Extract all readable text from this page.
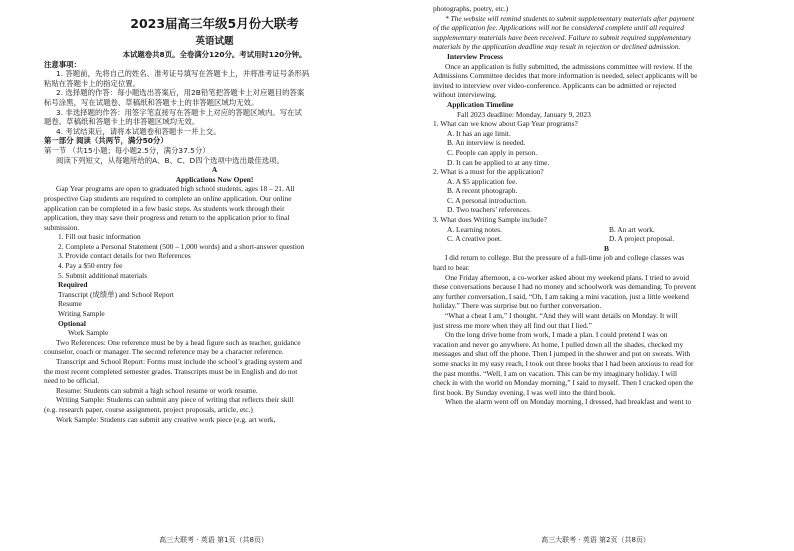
2023届高三年级5月份大联考
英语试题
本试题卷共8页。全卷满分120分。考试用时120分钟。
注意事项：
1. 答题前，先将自己的姓名、准考证号填写在答题卡上，并将准考证号条形码
粘贴在答题卡上的指定位置。
2. 选择题的作答：每小题选出答案后，用2B铅笔把答题卡上对应题目的答案
标号涂黑，写在试题卷、草稿纸和答题卡上的非答题区域均无效。
3. 非选择题的作答：用签字笔直接写在答题卡上对应的答题区域内。写在试
题卷、草稿纸和答题卡上的非答题区域均无效。
4. 考试结束后，请将本试题卷和答题卡一并上交。
第一部分 阅读（共两节，满分50分）
第一节 （共15小题；每小题2.5分，满分37.5分）
阅读下列短文，从每题所给的A、B、C、D四个选项中选出最佳选项。
A
Applications Now Open!
Gap Year programs are open to graduated high school students, ages 18 – 21. All
prospective Gap students are required to complete an online application. Our online
application can be completed in a few basic steps. As students work through their
application, they may save their progress and return to the application prior to final
submission.
1. Fill out basic information
2. Complete a Personal Statement (500 – 1,000 words) and a short-answer question
3. Provide contact details for two References
4. Pay a $50 entry fee
5. Submit additional materials
Required
Transcript (成绩单) and School Report
Resume
Writing Sample
Optional
Work Sample
Two References: One reference must be by a head figure such as teacher, guidance
counselor, coach or manager. The second reference may be a character reference.
Transcript and School Report: Forms must include the school’s grading system and
the most recent completed semester grades. Transcripts must be in English and do not
need to be official.
Resume: Students can submit a high school resume or work resume.
Writing Sample: Students can submit any piece of writing that reflects their skill
(e.g. research paper, course assignment, project proposals, article, etc.)
Work Sample: Students can submit any creative work piece (e.g. art work,
高三大联考 · 英语 第1页（共8页）
photographs, poetry, etc.)
* The website will remind students to submit supplementary materials after payment
of the application fee. Applications will not be considered complete until all required
supplementary materials have been received. Failure to submit required supplementary
materials by the application deadline may result in rejection or declined admission.
Interview Process
Once an application is fully submitted, the admissions committee will review. If the
Admissions Committee decides that more information is needed, select applicants will be
invited to interview over video-conference. Applicants can be admitted or rejected
without interviewing.
Application Timeline
Fall 2023 deadline: Monday, January 9, 2023
1. What can we know about Gap Year programs?
A. It has an age limit.
B. An interview is needed.
C. People can apply in person.
D. It can be applied to at any time.
2. What is a must for the application?
A. A $5 application fee.
B. A recent photograph.
C. A personal introduction.
D. Two teachers’ references.
3. What does Writing Sample include?
A. Learning notes.	B. An art work.
C. A creative poet.	D. A project proposal.
B
I did return to college. But the pressure of a full-time job and college classes was
hard to bear.
One Friday afternoon, a co-worker asked about my weekend plans. I tried to avoid
these conversations because I had no money and schoolwork was demanding. To prevent
any further conversation, I said, “Oh, I am taking a mini vacation, just a little weekend
holiday.” There was surprise but no further conversation.
“What a cheat I am,” I thought. “And they will want details on Monday. It will
just stress me more when they all find out that I lied.”
On the long drive home from work, I made a plan. I could pretend I was on
vacation and never go anywhere. At home, I pulled down all the shades, checked my
messages and shut off the phone. Then I jumped in the shower and put on sweats. With
some snacks in my easy reach, I took out three books that I had been anxious to read for
the past months. “Well, I am on vacation. This can be my imaginary holiday. I will
check in with the world on Monday morning,” I said to myself. Then I cracked open the
first book. By Sunday evening, I was well into the third book.
When the alarm went off on Monday morning, I dressed, had breakfast and went to
高三大联考 · 英语 第2页（共8页）
